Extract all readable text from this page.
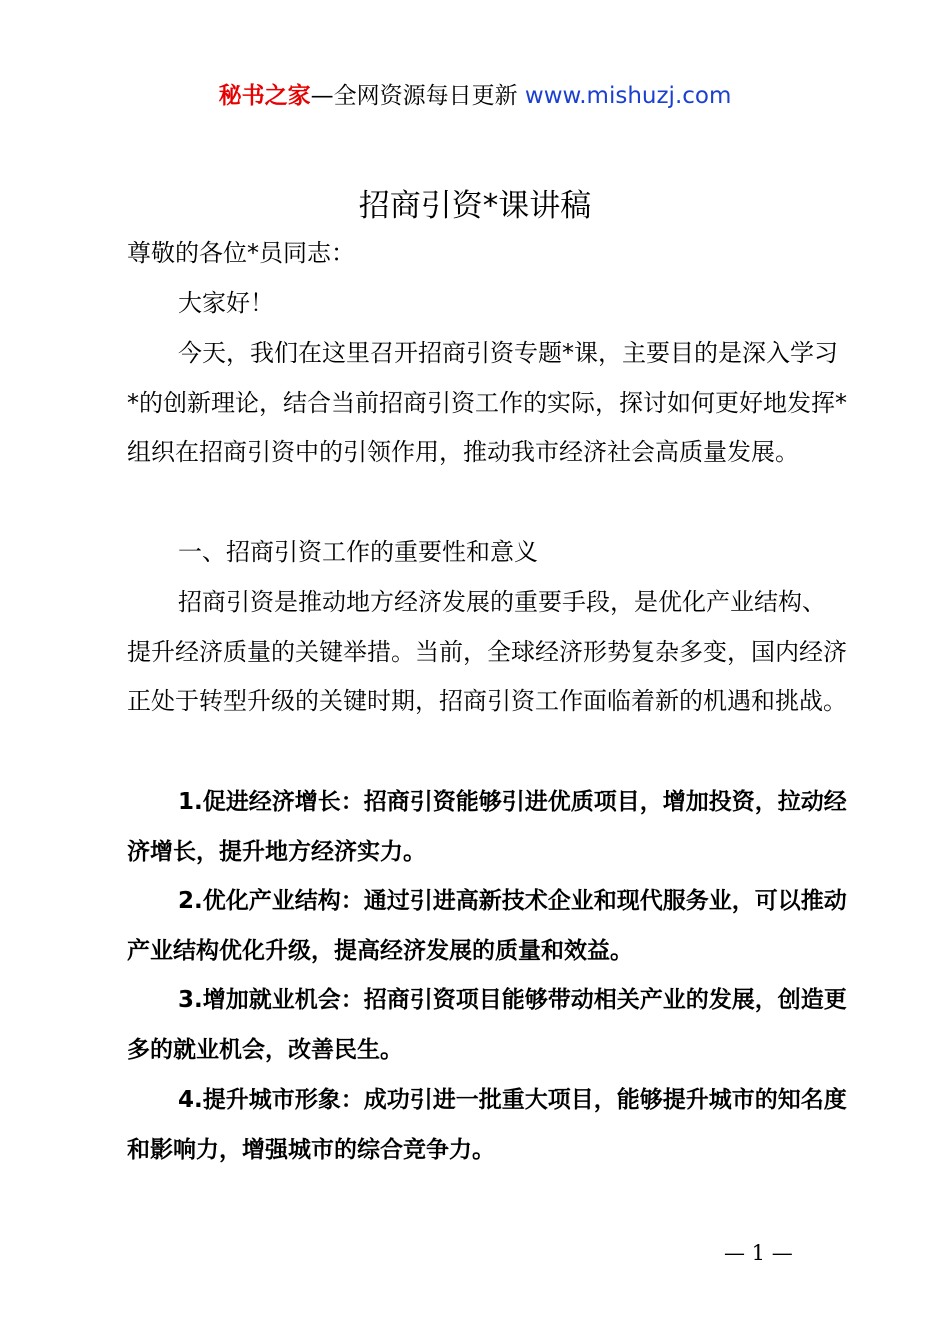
秘书之家—全网资源每日更新 www.mishuzj.com
招商引资*课讲稿
尊敬的各位*员同志：
大家好！
今天，我们在这里召开招商引资专题*课，主要目的是深入学习*的创新理论，结合当前招商引资工作的实际，探讨如何更好地发挥*组织在招商引资中的引领作用，推动我市经济社会高质量发展。
一、招商引资工作的重要性和意义
招商引资是推动地方经济发展的重要手段，是优化产业结构、提升经济质量的关键举措。当前，全球经济形势复杂多变，国内经济正处于转型升级的关键时期，招商引资工作面临着新的机遇和挑战。
1.促进经济增长：招商引资能够引进优质项目，增加投资，拉动经济增长，提升地方经济实力。
2.优化产业结构：通过引进高新技术企业和现代服务业，可以推动产业结构优化升级，提高经济发展的质量和效益。
3.增加就业机会：招商引资项目能够带动相关产业的发展，创造更多的就业机会，改善民生。
4.提升城市形象：成功引进一批重大项目，能够提升城市的知名度和影响力，增强城市的综合竞争力。
— 1 —
